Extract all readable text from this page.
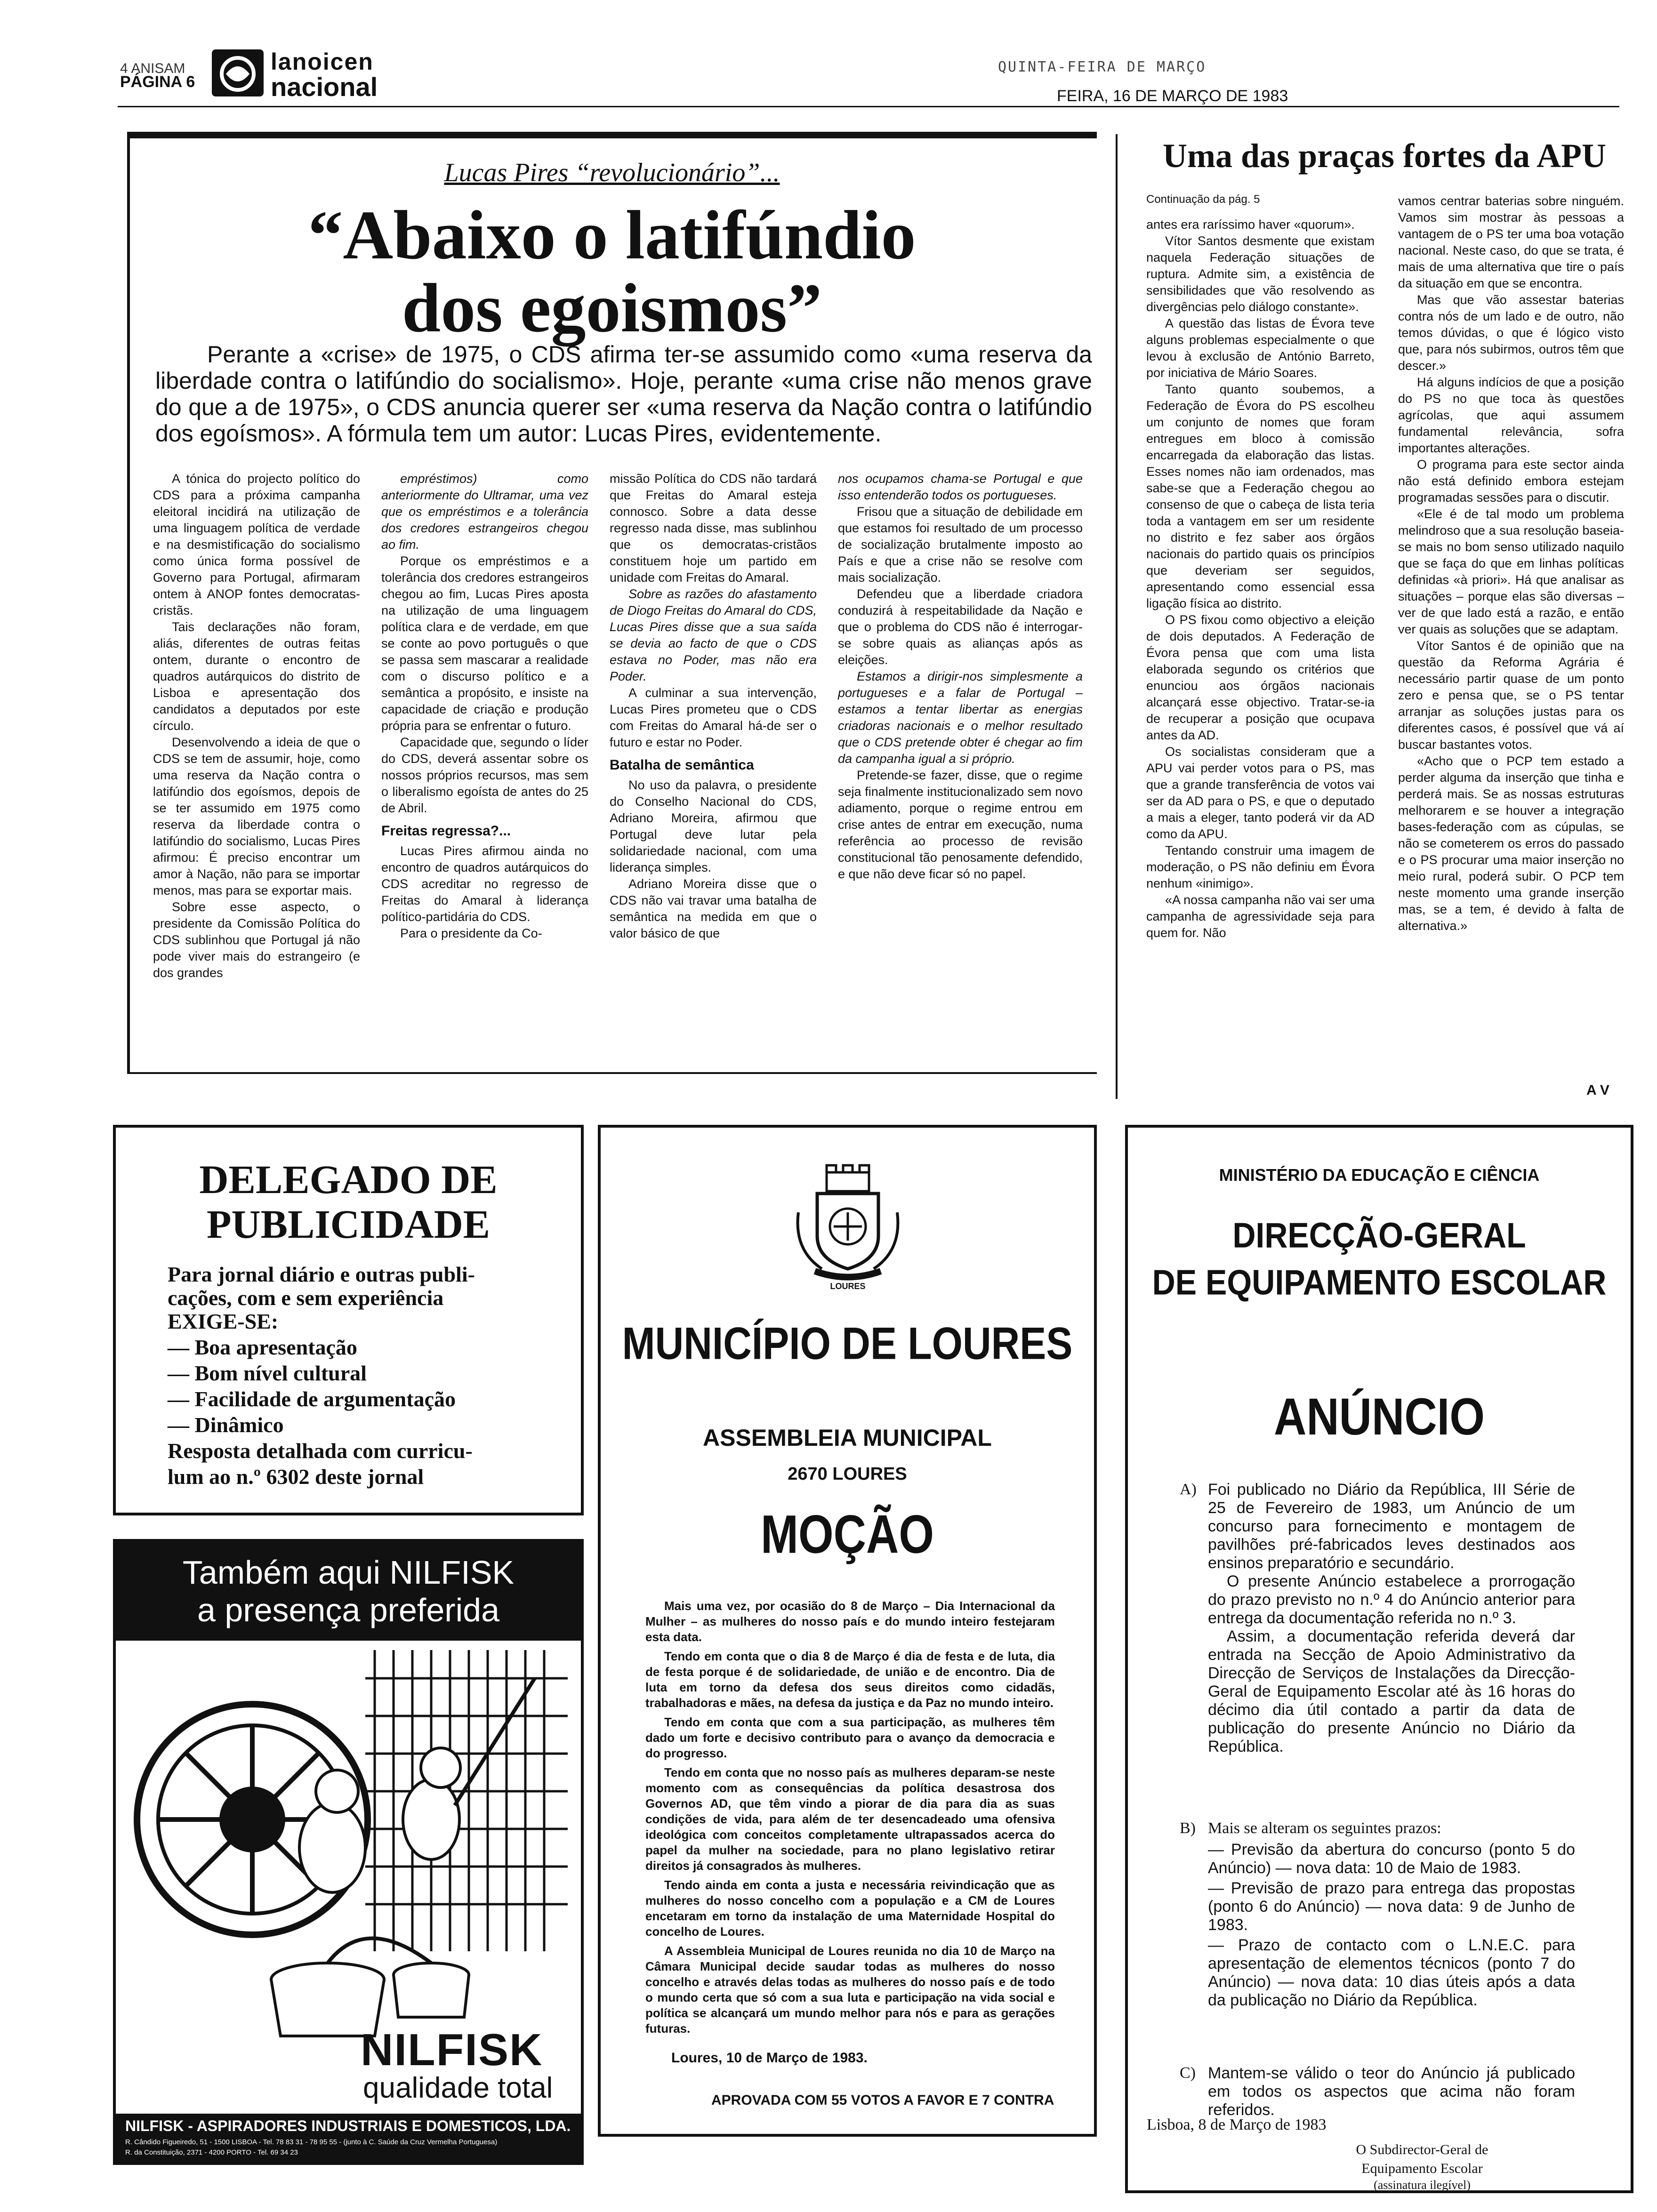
4 ANISAM
PÁGINA 6
lanoicen
nacional
QUINTA-FEIRA DE MARÇO
FEIRA, 16 DE MARÇO DE 1983
Lucas Pires “revolucionário”...
“Abaixo o latifúndio
dos egoismos”
Perante a «crise» de 1975, o CDS afirma ter-se assumido como «uma reserva da liberdade contra o latifúndio do socialismo». Hoje, perante «uma crise não menos grave do que a de 1975», o CDS anuncia querer ser «uma reserva da Nação contra o latifúndio dos egoísmos». A fórmula tem um autor: Lucas Pires, evidentemente.

A tónica do projecto político do CDS para a próxima campanha eleitoral incidirá na utilização de uma linguagem política de verdade e na desmistificação do socialismo como única forma possível de Governo para Portugal, afirmaram ontem à ANOP fontes democratas-cristãs.

Tais declarações não foram, aliás, diferentes de outras feitas ontem, durante o encontro de quadros autárquicos do distrito de Lisboa e apresentação dos candidatos a deputados por este círculo.

Desenvolvendo a ideia de que o CDS se tem de assumir, hoje, como uma reserva da Nação contra o latifúndio dos egoísmos, depois de se ter assumido em 1975 como reserva da liberdade contra o latifúndio do socialismo, Lucas Pires afirmou: É preciso encontrar um amor à Nação, não para se importar menos, mas para se exportar mais.

Sobre esse aspecto, o presidente da Comissão Política do CDS sublinhou que Portugal já não pode viver mais do estrangeiro (e dos grandes

empréstimos) como anteriormente do Ultramar, uma vez que os empréstimos e a tolerância dos credores estrangeiros chegou ao fim.

Porque os empréstimos e a tolerância dos credores estrangeiros chegou ao fim, Lucas Pires aposta na utilização de uma linguagem política clara e de verdade, em que se conte ao povo português o que se passa sem mascarar a realidade com o discurso político e a semântica a propósito, e insiste na capacidade de criação e produção própria para se enfrentar o futuro.

Capacidade que, segundo o líder do CDS, deverá assentar sobre os nossos próprios recursos, mas sem o liberalismo egoísta de antes do 25 de Abril.

Freitas regressa?...

Lucas Pires afirmou ainda no encontro de quadros autárquicos do CDS acreditar no regresso de Freitas do Amaral à liderança político-partidária do CDS.

Para o presidente da Co-

missão Política do CDS não tardará que Freitas do Amaral esteja connosco. Sobre a data desse regresso nada disse, mas sublinhou que os democratas-cristãos constituem hoje um partido em unidade com Freitas do Amaral.

Sobre as razões do afastamento de Diogo Freitas do Amaral do CDS, Lucas Pires disse que a sua saída se devia ao facto de que o CDS estava no Poder, mas não era Poder.

A culminar a sua intervenção, Lucas Pires prometeu que o CDS com Freitas do Amaral há-de ser o futuro e estar no Poder.

Batalha de semântica

No uso da palavra, o presidente do Conselho Nacional do CDS, Adriano Moreira, afirmou que Portugal deve lutar pela solidariedade nacional, com uma liderança simples.

Adriano Moreira disse que o CDS não vai travar uma batalha de semântica na medida em que o valor básico de que

nos ocupamos chama-se Portugal e que isso entenderão todos os portugueses.

Frisou que a situação de debilidade em que estamos foi resultado de um processo de socialização brutalmente imposto ao País e que a crise não se resolve com mais socialização.

Defendeu que a liberdade criadora conduzirá à respeitabilidade da Nação e que o problema do CDS não é interrogar-se sobre quais as alianças após as eleições.

Estamos a dirigir-nos simplesmente a portugueses e a falar de Portugal – estamos a tentar libertar as energias criadoras nacionais e o melhor resultado que o CDS pretende obter é chegar ao fim da campanha igual a si próprio.

Pretende-se fazer, disse, que o regime seja finalmente institucionalizado sem novo adiamento, porque o regime entrou em crise antes de entrar em execução, numa referência ao processo de revisão constitucional tão penosamente defendido, e que não deve ficar só no papel.

Uma das praças fortes da APU
Continuação da pág. 5

antes era raríssimo haver «quorum».

Vítor Santos desmente que existam naquela Federação situações de ruptura. Admite sim, a existência de sensibilidades que vão resolvendo as divergências pelo diálogo constante».

A questão das listas de Évora teve alguns problemas especialmente o que levou à exclusão de António Barreto, por iniciativa de Mário Soares.

Tanto quanto soubemos, a Federação de Évora do PS escolheu um conjunto de nomes que foram entregues em bloco à comissão encarregada da elaboração das listas. Esses nomes não iam ordenados, mas sabe-se que a Federação chegou ao consenso de que o cabeça de lista teria toda a vantagem em ser um residente no distrito e fez saber aos órgãos nacionais do partido quais os princípios que deveriam ser seguidos, apresentando como essencial essa ligação física ao distrito.

O PS fixou como objectivo a eleição de dois deputados. A Federação de Évora pensa que com uma lista elaborada segundo os critérios que enunciou aos órgãos nacionais alcançará esse objectivo. Tratar-se-ia de recuperar a posição que ocupava antes da AD.

Os socialistas consideram que a APU vai perder votos para o PS, mas que a grande transferência de votos vai ser da AD para o PS, e que o deputado a mais a eleger, tanto poderá vir da AD como da APU.

Tentando construir uma imagem de moderação, o PS não definiu em Évora nenhum «inimigo».

«A nossa campanha não vai ser uma campanha de agressividade seja para quem for. Não

vamos centrar baterias sobre ninguém. Vamos sim mostrar às pessoas a vantagem de o PS ter uma boa votação nacional. Neste caso, do que se trata, é mais de uma alternativa que tire o país da situação em que se encontra.

Mas que vão assestar baterias contra nós de um lado e de outro, não temos dúvidas, o que é lógico visto que, para nós subirmos, outros têm que descer.»

Há alguns indícios de que a posição do PS no que toca às questões agrícolas, que aqui assumem fundamental relevância, sofra importantes alterações.

O programa para este sector ainda não está definido embora estejam programadas sessões para o discutir.

«Ele é de tal modo um problema melindroso que a sua resolução baseia-se mais no bom senso utilizado naquilo que se faça do que em linhas políticas definidas «à priori». Há que analisar as situações – porque elas são diversas – ver de que lado está a razão, e então ver quais as soluções que se adaptam.

Vítor Santos é de opinião que na questão da Reforma Agrária é necessário partir quase de um ponto zero e pensa que, se o PS tentar arranjar as soluções justas para os diferentes casos, é possível que vá aí buscar bastantes votos.

«Acho que o PCP tem estado a perder alguma da inserção que tinha e perderá mais. Se as nossas estruturas melhorarem e se houver a integração bases-federação com as cúpulas, se não se cometerem os erros do passado e o PS procurar uma maior inserção no meio rural, poderá subir. O PCP tem neste momento uma grande inserção mas, se a tem, é devido à falta de alternativa.»

A V
DELEGADO DE
PUBLICIDADE
Para jornal diário e outras publi-
cações, com e sem experiência
EXIGE-SE:
— Boa apresentação
— Bom nível cultural
— Facilidade de argumentação
— Dinâmico
Resposta detalhada com curricu-
lum ao n.º 6302 deste jornal
Também aqui NILFISK
a presença preferida
NILFISK
qualidade total
NILFISK - ASPIRADORES INDUSTRIAIS E DOMESTICOS, LDA.
R. Cândido Figueiredo, 51 - 1500 LISBOA - Tel. 78 83 31 - 78 95 55 - (junto à C. Saúde da Cruz Vermelha Portuguesa)
R. da Constituição, 2371 - 4200 PORTO - Tel. 69 34 23
LOURES
MUNICÍPIO DE LOURES
ASSEMBLEIA MUNICIPAL
2670 LOURES
MOÇÃO

Mais uma vez, por ocasião do 8 de Março – Dia Internacional da Mulher – as mulheres do nosso país e do mundo inteiro festejaram esta data.

Tendo em conta que o dia 8 de Março é dia de festa e de luta, dia de festa porque é de solidariedade, de união e de encontro. Dia de luta em torno da defesa dos seus direitos como cidadãs, trabalhadoras e mães, na defesa da justiça e da Paz no mundo inteiro.

Tendo em conta que com a sua participação, as mulheres têm dado um forte e decisivo contributo para o avanço da democracia e do progresso.

Tendo em conta que no nosso país as mulheres deparam-se neste momento com as consequências da política desastrosa dos Governos AD, que têm vindo a piorar de dia para dia as suas condições de vida, para além de ter desencadeado uma ofensiva ideológica com conceitos completamente ultrapassados acerca do papel da mulher na sociedade, para no plano legislativo retirar direitos já consagrados às mulheres.

Tendo ainda em conta a justa e necessária reivindicação que as mulheres do nosso concelho com a população e a CM de Loures encetaram em torno da instalação de uma Maternidade Hospital do concelho de Loures.

A Assembleia Municipal de Loures reunida no dia 10 de Março na Câmara Municipal decide saudar todas as mulheres do nosso concelho e através delas todas as mulheres do nosso país e de todo o mundo certa que só com a sua luta e participação na vida social e política se alcançará um mundo melhor para nós e para as gerações futuras.

Loures, 10 de Março de 1983.
APROVADA COM 55 VOTOS A FAVOR E 7 CONTRA
MINISTÉRIO DA EDUCAÇÃO E CIÊNCIA
DIRECÇÃO-GERAL
DE EQUIPAMENTO ESCOLAR
ANÚNCIO
A) Foi publicado no Diário da República, III Série de 25 de Fevereiro de 1983, um Anúncio de um concurso para fornecimento e montagem de pavilhões pré-fabricados leves destinados aos ensinos preparatório e secundário.

O presente Anúncio estabelece a prorrogação do prazo previsto no n.º 4 do Anúncio anterior para entrega da documentação referida no n.º 3.

Assim, a documentação referida deverá dar entrada na Secção de Apoio Administrativo da Direcção de Serviços de Instalações da Direcção-Geral de Equipamento Escolar até às 16 horas do décimo dia útil contado a partir da data de publicação do presente Anúncio no Diário da República.

B) Mais se alteram os seguintes prazos:

— Previsão da abertura do concurso (ponto 5 do Anúncio) — nova data: 10 de Maio de 1983.

— Previsão de prazo para entrega das propostas (ponto 6 do Anúncio) — nova data: 9 de Junho de 1983.

— Prazo de contacto com o L.N.E.C. para apresentação de elementos técnicos (ponto 7 do Anúncio) — nova data: 10 dias úteis após a data da publicação no Diário da República.

C) Mantem-se válido o teor do Anúncio já publicado em todos os aspectos que acima não foram referidos.

Lisboa, 8 de Março de 1983
O Subdirector-Geral de
Equipamento Escolar
(assinatura ilegível)
